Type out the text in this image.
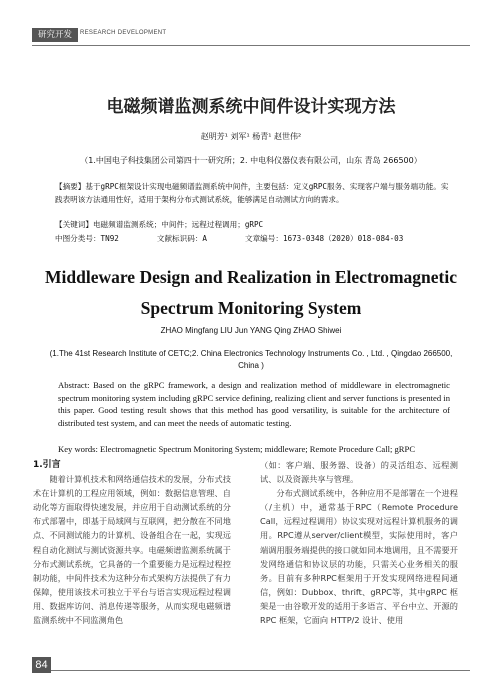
研究开发	RESEARCH DEVELOPMENT
电磁频谱监测系统中间件设计实现方法
赵明芳¹ 刘军¹ 杨青¹ 赵世伟²
（1.中国电子科技集团公司第四十一研究所；2. 中电科仪器仪表有限公司，山东 青岛 266500）
【摘要】基于gRPC框架设计实现电磁频谱监测系统中间件，主要包括：定义gRPC服务、实现客户端与服务端功能。实践表明该方法通用性好，适用于架构分布式测试系统，能够满足自动测试方向的需求。
【关键词】电磁频谱监测系统；中间件；远程过程调用；gRPC
中图分类号：TN92	文献标识码：A	文章编号：1673-0348（2020）018-084-03
Middleware Design and Realization in Electromagnetic
Spectrum Monitoring System
ZHAO Mingfang LIU Jun YANG Qing ZHAO Shiwei
(1.The 41st Research Institute of CETC;2. China Electronics Technology Instruments Co. , Ltd. , Qingdao 266500, China )
Abstract: Based on the gRPC framework, a design and realization method of middleware in electromagnetic spectrum monitoring system including gRPC service defining, realizing client and server functions is presented in this paper. Good testing result shows that this method has good versatility, is suitable for the architecture of distributed test system, and can meet the needs of automatic testing.
Key words: Electromagnetic Spectrum Monitoring System; middleware; Remote Procedure Call; gRPC
1.引言

随着计算机技术和网络通信技术的发展，分布式技术在计算机的工程应用领域，例如：数据信息管理、自动化等方面取得快速发展，并应用于自动测试系统的分布式部署中，即基于局域网与互联网，把分散在不同地点、不同测试能力的计算机、设备组合在一起，实现远程自动化测试与测试资源共享。电磁频谱监测系统属于分布式测试系统，它具备的一个重要能力是远程过程控制功能，中间件技术为这种分布式架构方法提供了有力保障，使用该技术可独立于平台与语言实现远程过程调用、数据库访问、消息传递等服务，从而实现电磁频谱监测系统中不同监测角色

（如：客户端、服务器、设备）的灵活组态、远程测试、以及资源共享与管理。

分布式测试系统中，各种应用不是部署在一个进程（/主机）中，通常基于RPC（Remote Procedure Call，远程过程调用）协议实现对远程计算机服务的调用。RPC遵从server/client模型，实际使用时，客户端调用服务端提供的接口就如同本地调用，且不需要开发网络通信和协议层的功能，只需关心业务相关的服务。目前有多种RPC框架用于开发实现网络进程间通信，例如：Dubbox、thrift、gRPC等，其中gRPC 框架是一由谷歌开发的适用于多语言、平台中立、开源的 RPC 框架，它面向 HTTP/2 设计、使用

84
